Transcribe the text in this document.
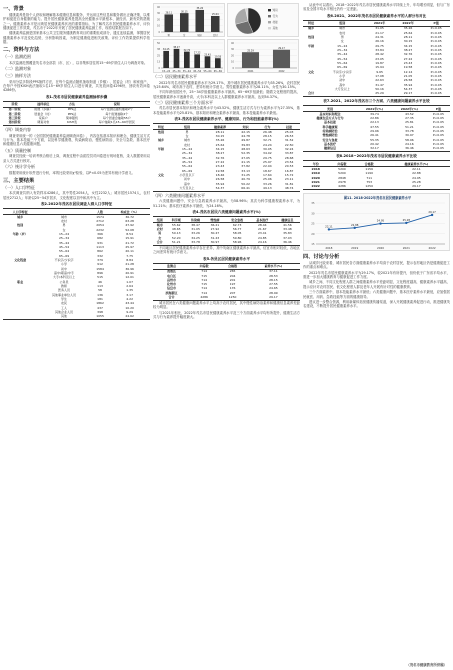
一、背景
健康素养是指个人获取和理解基本健康信息和服务，并运用这些信息和服务做出正确决策，以维护和促进自身健康的能力。提升居民健康素养是提高全民健康水平最根本、最经济、最有效的措施之一。健康素养水平是反映居民健康素养状况的重要指标，为了解茂名市居民健康素养水平，评价健康促进工作效果，茂名市于2022年开展了居民健康素养监测工作，现将结果报告如下。
健康素养监测是国家基本公共卫生服务健康教育项目的重要组成部分，通过连续监测，掌握居民健康素养水平及变化趋势，分析影响因素，为制定健康促进相关政策、评价工作效果提供科学依据。
二、资料与方法
（一）监测范围
本次监测范围覆盖茂名市全部县（市、区），以非集体居住的15~69岁常住人口为调查对象。
（二）监测对象
（三）抽样方法
采用分层多阶段PPS抽样方法，在每个监测点随机抽取街道（乡镇）、居委会（村）和家庭户，在每户中按KISH表法抽取1名15~69岁常住人口进行调查，共发放问卷4296份，回收有效问卷4286份。
表1.茂名市居民健康素养监测抽样步骤
阶段	抽样单位	方法	说明
第一阶段	街道（乡镇）	PPS法	每个监测点随机抽取2个
第二阶段	居委会（村）	PPS法	每个街道抽取2个
第三阶段	家庭户	简单随机	每个居委会抽取55户
第四阶段	调查对象	KISH表	每户抽取1名15~69岁居民
（四）调查内容
调查采用统一的《全国居民健康素养监测调查问卷》，内容包括基本知识和理念、健康生活方式与行为、基本技能三个方面，以及科学健康观、传染病防治、慢性病防治、安全与急救、基本医疗和健康信息六类健康问题。
（五）质量控制
调查员经统一培训考核合格后上岗，调查过程中由质控员对问卷进行现场复核，录入数据采用双录入方式进行核对。
（六）统计学分析
数据采用统计软件进行分析，率的比较采用χ²检验，以P<0.05为差异有统计学意义。
三、主要结果
（一）人口学特征
本次调查共纳入有效样本4286人，其中男性2054人，女性2232人；城市居民1574人，农村居民2712人；年龄以25~54岁居多，文化程度以初中和高中为主。
表2.2022年茂名市居民调查人群人口学特征
人口学特征		人数	构成比（%）
城乡	城市	1574	36.72
	农村	2712	63.28
性别	男	2054	47.92
	女	2232	52.08
年龄（岁）	15~24	366	8.54
	25~34	682	15.91
	35~44	931	21.72
	45~54	1113	25.97
	55~64	862	20.11
	65~69	332	7.75
文化程度	不识字/少识字	379	8.84
	小学	912	21.28
	初中	1584	36.96
	高中/职高/中专	896	20.91
	大专/本科及以上	515	12.01
职业	公务员	46	1.07
	教师	113	2.64
	医务人员	58	1.35
	其他事业单位人员	136	3.17
	学生	181	4.22
	农民	1862	43.44
	工人	437	10.20
	其他企业人员	398	9.29
	其他	1055	24.62
0
10
20
30
40
28.11
男
30.15
女
35.26
城市
25.64
农村
知识
行为
技能
其他
0
13
25
38
50
34.15
15~24
38.27
25~34
32.76
35~44
27.22
45~54
23.43
55~64
19.58
65~69
0
10
20
30
40
25.29
2021
29.17
2022
（二）居民健康素养水平
2022年茂名市居民健康素养水平为29.17%，其中城市居民健康素养水平为35.26%，农村居民为25.64%，城市高于农村，差异有统计学意义。男性健康素养水平为28.11%，女性为30.15%。
不同年龄组居民中，25~34岁组健康素养水平最高，65~69岁组最低；随着文化程度的提高，居民健康素养水平逐渐升高，大专/本科及以上人群健康素养水平最高，达到54.37%。
（三）居民健康素养三个方面水平
茂名市居民基本知识和理念素养水平为43.52%，健康生活方式与行为素养水平为27.35%，基本技能素养水平为25.81%，基本知识和理念素养水平最高，基本技能素养水平最低。
表3.茂名市居民健康素养水平、健康知识、行为和技能素养率(%)
特征	组别	健康素养	知识	行为	技能
性别	男	28.11	42.15	26.48	25.03
	女	30.15	44.78	28.15	26.53
城乡	城市	35.26	49.87	32.71	31.52
	农村	25.64	39.83	24.24	22.50
年龄	15~24	34.15	48.63	30.05	32.24
	25~34	38.27	52.35	34.02	33.87
	35~44	32.76	47.05	29.75	28.68
	45~54	27.22	41.15	25.97	23.54
	55~64	23.43	37.82	22.04	20.53
	65~69	19.58	33.13	18.67	16.87
文化	小学及以下	18.46	31.25	17.64	15.72
	初中	26.58	40.79	25.06	23.11
	高中	35.94	50.22	33.26	31.81
	大专及以上	54.37	66.41	49.13	48.74
（四）六类健康问题素养水平
六类健康问题中，安全与急救素养水平最高，为58.96%；其次为科学健康观素养水平，为51.21%；基本医疗素养水平最低，为24.16%。
表4.茂名市居民六类健康问题素养水平(%)
组别	科学观	传染病	慢性病	安全急救	基本医疗	健康信息
城市	55.62	38.47	36.21	62.73	28.44	41.56
农村	48.65	31.05	27.92	56.77	21.67	33.48
男	50.13	33.26	30.47	58.05	23.41	35.83
女	52.20	34.25	31.43	59.80	24.85	37.03
合计	51.21	33.78	30.97	58.96	24.16	36.46
不同地区居民健康素养水平存在差异，其中茂南区健康素养水平最高，信宜市相对较低，各地区之间差异有统计学意义。
表5.各县区居民健康素养水平
监测点	问卷数	合格数	素养水平(%)
茂南区	714	265	37.11
电白区	715	204	28.53
高州市	714	201	28.15
化州市	715	197	27.55
信宜市	714	176	24.65
滨海新区	714	207	28.99
合计	4286	1250	29.17
城市居民在六类健康问题素养水平上均高于农村居民，其中慢性病防治素养和健康信息素养差距较为明显。
与2021年相比，2022年茂名市居民健康素养水平及三个方面素养水平均有所提升，健康生活方式与行为素养提升幅度最大。
从表中可以看出，2018~2022年茂名市居民健康素养水平持续上升，年均增长明显，但与广东省及全国平均水平相比仍有一定差距。
表6.2021、2022年茂名市居民健康素养水平的人群分布对比
特征	组别	2021年	2022年	P值
城乡	城市	31.05	35.26	P<0.05
	农村	21.17	25.64	P<0.05
性别	男	24.31	28.11	P<0.05
	女	26.16	30.15	P<0.05
年龄	15~24	29.75	34.15	P>0.05
	25~34	33.84	38.27	P<0.05
	35~44	28.42	32.76	P<0.05
	45~54	23.05	27.22	P<0.05
	55~64	19.87	23.43	P<0.05
	65~69	15.94	19.58	P>0.05
文化	不识字/少识字	9.65	12.14	P>0.05
	小学	17.08	21.05	P<0.05
	初中	22.63	26.58	P<0.05
	高中	31.47	35.94	P<0.05
	大专及以上	50.16	54.37	P>0.05
合计		25.29	29.17	P<0.05
表7.2021、2022年茂名市三个方面、六类健康问题素养水平比较
类别	2021年(%)	2022年(%)	P值
基本知识和理念	39.74	43.52	P<0.05
健康生活方式与行为	22.86	27.35	P<0.05
基本技能	22.13	25.81	P<0.05
科学健康观	47.55	51.21	P<0.05
传染病防治	29.96	33.78	P<0.05
慢性病防治	26.41	30.97	P<0.05
安全与急救	55.35	58.96	P<0.05
基本医疗	20.42	24.16	P<0.05
健康信息	32.17	36.46	P<0.05
表8.2018~2022年茂名市居民健康素养水平比较
年份	问卷数	合格数	健康素养水平(%)
2018	5200	1156	22.11
2019	5200	1190	22.88
2020	2848	711	24.95
2021	2978	753	25.28
2022	4286	1250	29.17
图11. 2018-2022年茂名市居民健康素养水平
15
20
25
30
35
22.11
2018
22.88
2019
24.95
2020
25.28
2021
29.17
2022
四、讨论与分析
从城乡比较来看，城市居民各方面健康素养水平均高于农村居民，提示农村地区仍是健康促进工作的重点和难点。
2022年茂名市居民健康素养水平为29.17%，较2021年有所提升，但仍低于广东省平均水平，需进一步加大健康教育与健康促进工作力度。
城乡之间、不同文化程度人群之间健康素养水平差距明显，文化程度越高，健康素养水平越高，提示应针对农村居民、低文化程度人群及老年人开展有针对性的健康教育。
三个方面素养中，基本技能素养水平最低；六类健康问题中，基本医疗素养水平最低，应加强居民就医、用药、急救技能等方面的健康指导。
建议进一步整合资源，利用新媒体拓宽健康传播渠道，深入开展健康素养促进行动，推进健康茂名建设，不断提升居民健康素养水平。
（茂名市健康教育所供稿）
